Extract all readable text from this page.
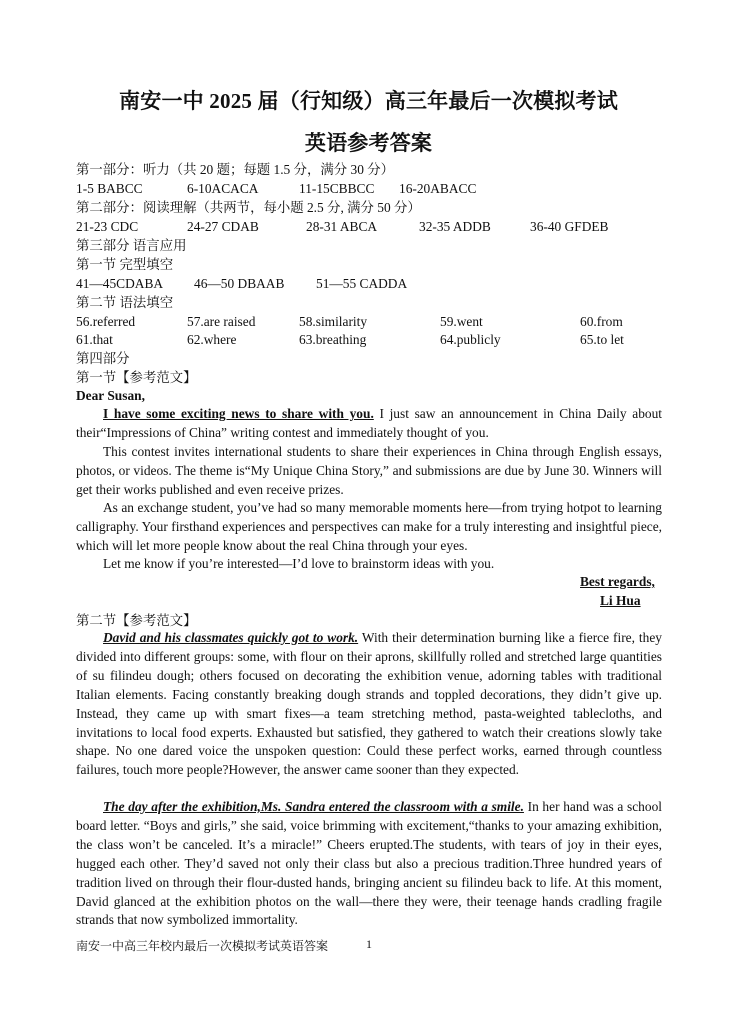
南安一中 2025 届（行知级）高三年最后一次模拟考试
英语参考答案
第一部分：听力（共 20 题；每题 1.5 分，满分 30 分）
1-5 BABCC	6-10ACACA	11-15CBBCC 16-20ABACC
第二部分：阅读理解（共两节，每小题 2.5 分, 满分 50 分）
21-23 CDC	24-27 CDAB	28-31 ABCA	32-35 ADDB	36-40 GFDEB
第三部分 语言应用
第一节 完型填空
41—45CDABA 46—50 DBAAB 51—55 CADDA
第二节 语法填空
56.referred	57.are raised	58.similarity	59.went	60.from
61.that	62.where	63.breathing	64.publicly	65.to let
第四部分
第一节【参考范文】
Dear Susan,

I have some exciting news to share with you. I just saw an announcement in China Daily about their“Impressions of China” writing contest and immediately thought of you.

This contest invites international students to share their experiences in China through English essays, photos, or videos. The theme is“My Unique China Story,” and submissions are due by June 30. Winners will get their works published and even receive prizes.

As an exchange student, you’ve had so many memorable moments here—from trying hotpot to learning calligraphy. Your firsthand experiences and perspectives can make for a truly interesting and insightful piece, which will let more people know about the real China through your eyes.

Let me know if you’re interested—I’d love to brainstorm ideas with you.

Best regards,
Li Hua
第二节【参考范文】

David and his classmates quickly got to work. With their determination burning like a fierce fire, they divided into different groups: some, with flour on their aprons, skillfully rolled and stretched large quantities of su filindeu dough; others focused on decorating the exhibition venue, adorning tables with traditional Italian elements. Facing constantly breaking dough strands and toppled decorations, they didn’t give up. Instead, they came up with smart fixes—a team stretching method, pasta-weighted tablecloths, and invitations to local food experts. Exhausted but satisfied, they gathered to watch their creations slowly take shape. No one dared voice the unspoken question: Could these perfect works, earned through countless failures, touch more people?However, the answer came sooner than they expected.

The day after the exhibition,Ms. Sandra entered the classroom with a smile. In her hand was a school board letter. “Boys and girls,” she said, voice brimming with excitement,“thanks to your amazing exhibition, the class won’t be canceled. It’s a miracle!” Cheers erupted.The students, with tears of joy in their eyes, hugged each other. They’d saved not only their class but also a precious tradition.Three hundred years of tradition lived on through their flour-dusted hands, bringing ancient su filindeu back to life. At this moment, David glanced at the exhibition photos on the wall—there they were, their teenage hands cradling fragile strands that now symbolized immortality.

南安一中高三年校内最后一次模拟考试英语答案	1
